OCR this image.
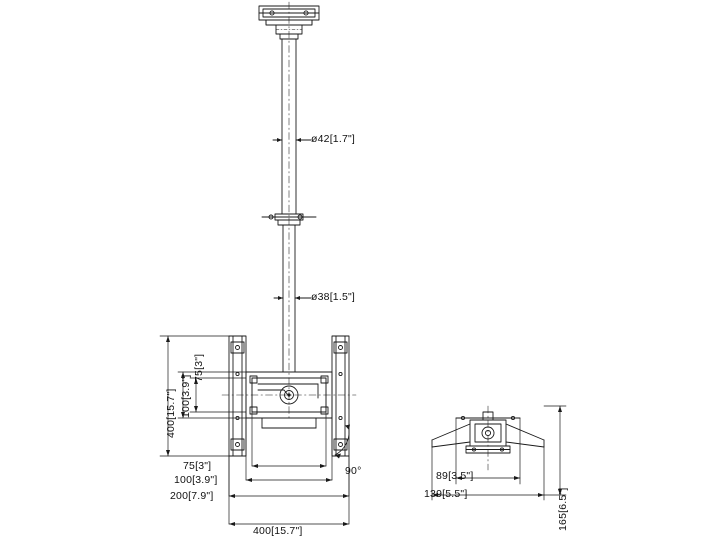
ø42[1.7"]
ø38[1.5"]
400[15.7"] 100[3.9"]
75[3"]
75[3"]
100[3.9"]
200[7.9"]
400[15.7"]
90°	89[3.5"]
139[5.5"]	165[6.5"]
